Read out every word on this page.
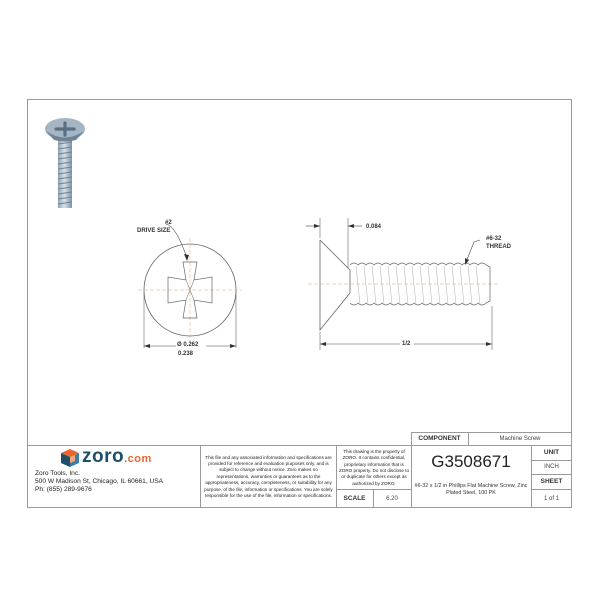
#2
DRIVE SIZE
Ø 0.262
0.238
0.084
#6-32
THREAD
1/2
zoro.com
Zoro Tools, Inc.
500 W Madison St, Chicago, IL 60661, USA
Ph: (855) 289-9676
This file and any associated information and specifications are provided for reference and evaluation purposes only, and is subject to change without notice. Zoro makes no representations, warranties or guarantees as to the appropriateness, accuracy, completeness, or suitability for any purpose, of the file, information or specifications. You are solely responsible for the use of the file, information or specifications.
This drawing is the property of ZORO. It contains confidential, proprietary information that is ZORO property. Do not disclose to or duplicate for others except as authorized by ZORO.
SCALE	6.20
COMPONENT	Machine Screw
G3508671
#6-32 x 1/2 in Phillips Flat Machine Screw, Zinc Plated Steel, 100 PK
UNIT
INCH
SHEET
1 of 1
